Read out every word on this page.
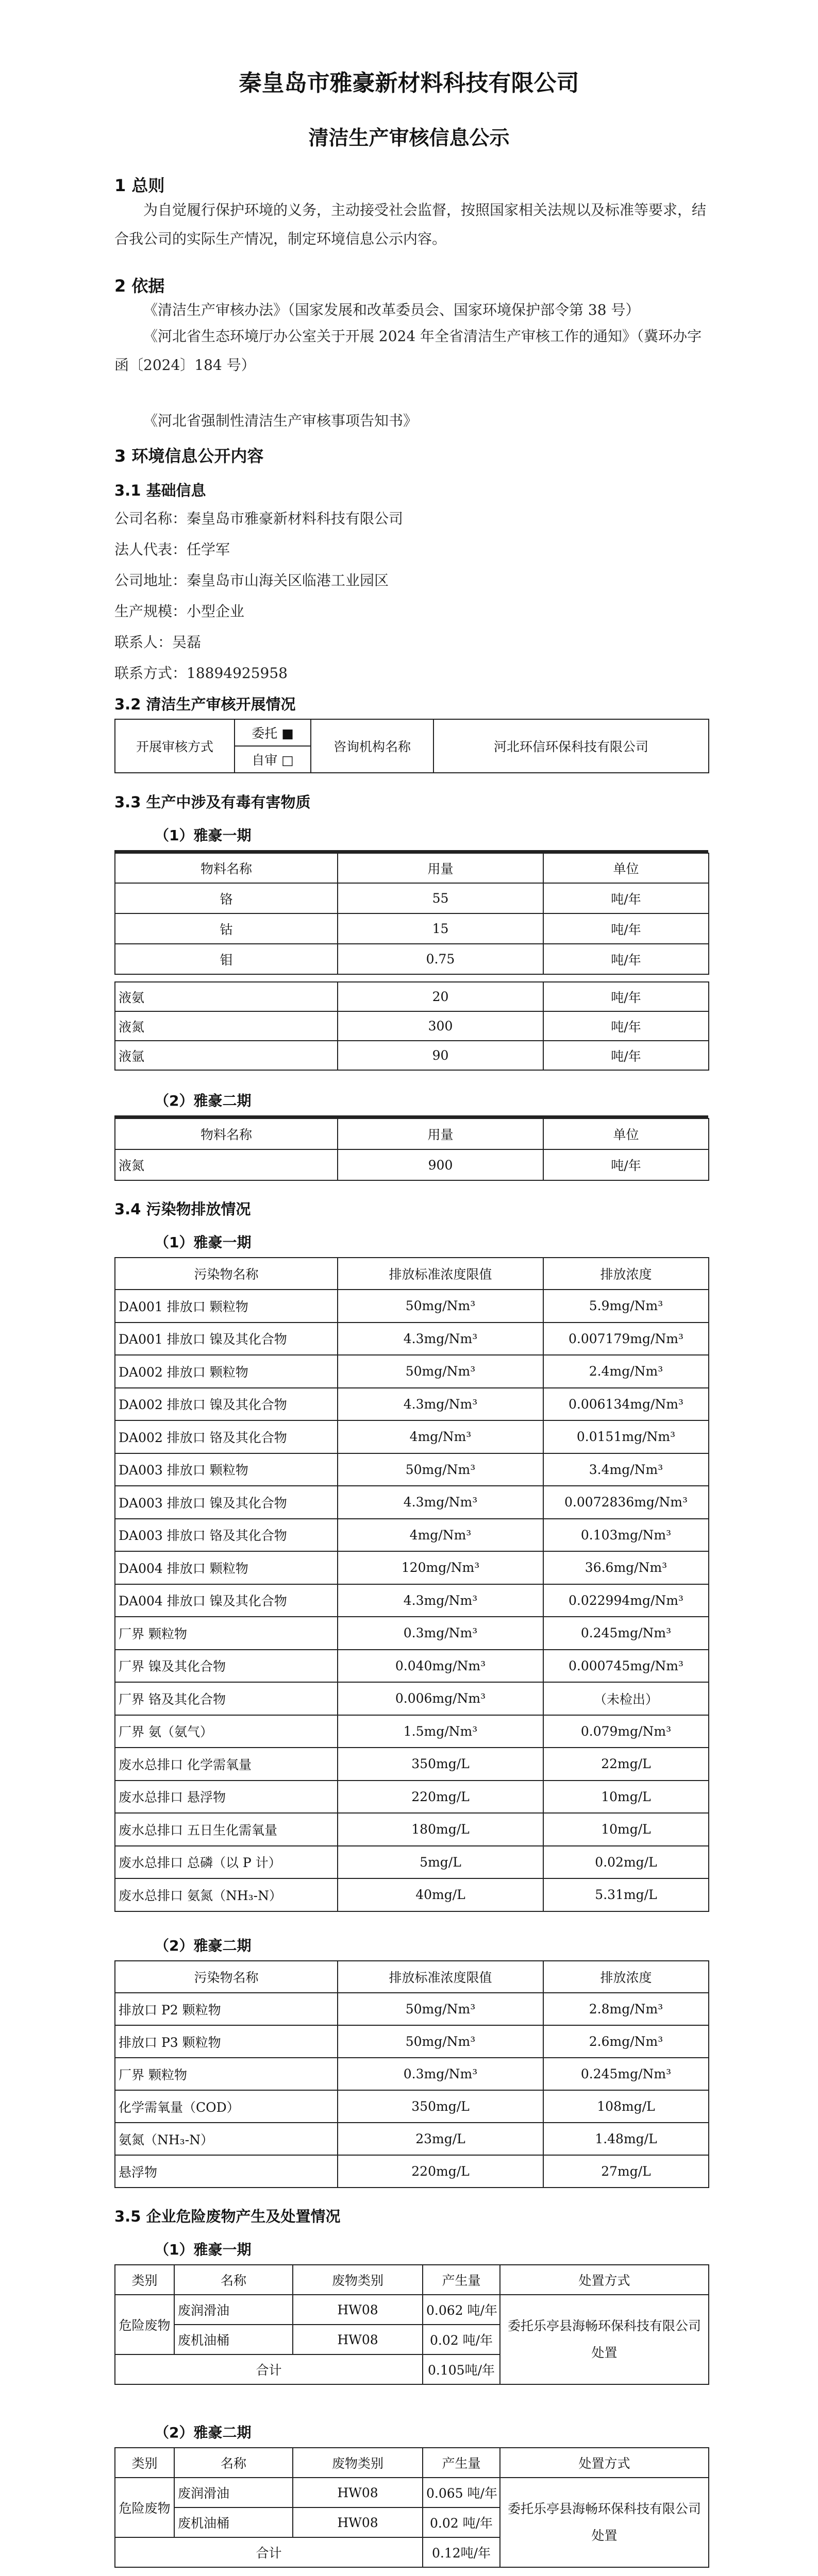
秦皇岛市雅豪新材料科技有限公司
清洁生产审核信息公示
1 总则
为自觉履行保护环境的义务，主动接受社会监督，按照国家相关法规以及标准等要求，结合我公司的实际生产情况，制定环境信息公示内容。
2 依据
《清洁生产审核办法》（国家发展和改革委员会、国家环境保护部令第 38 号）
《河北省生态环境厅办公室关于开展 2024 年全省清洁生产审核工作的通知》（冀环办字函〔2024〕184 号）
《河北省强制性清洁生产审核事项告知书》
3 环境信息公开内容
3.1 基础信息
公司名称：秦皇岛市雅豪新材料科技有限公司
法人代表：任学军
公司地址：秦皇岛市山海关区临港工业园区
生产规模：小型企业
联系人：吴磊
联系方式：18894925958
3.2 清洁生产审核开展情况
开展审核方式	委托 ■	咨询机构名称	河北环信环保科技有限公司
自审 □
3.3 生产中涉及有毒有害物质
（1）雅豪一期
物料名称	用量	单位
铬	55	吨/年
钴	15	吨/年
钼	0.75	吨/年
液氨	20	吨/年
液氮	300	吨/年
液氩	90	吨/年
（2）雅豪二期
物料名称	用量	单位
液氮	900	吨/年
3.4 污染物排放情况
（1）雅豪一期
污染物名称	排放标准浓度限值	排放浓度
DA001 排放口 颗粒物	50mg/Nm³	5.9mg/Nm³
DA001 排放口 镍及其化合物	4.3mg/Nm³	0.007179mg/Nm³
DA002 排放口 颗粒物	50mg/Nm³	2.4mg/Nm³
DA002 排放口 镍及其化合物	4.3mg/Nm³	0.006134mg/Nm³
DA002 排放口 铬及其化合物	4mg/Nm³	0.0151mg/Nm³
DA003 排放口 颗粒物	50mg/Nm³	3.4mg/Nm³
DA003 排放口 镍及其化合物	4.3mg/Nm³	0.0072836mg/Nm³
DA003 排放口 铬及其化合物	4mg/Nm³	0.103mg/Nm³
DA004 排放口 颗粒物	120mg/Nm³	36.6mg/Nm³
DA004 排放口 镍及其化合物	4.3mg/Nm³	0.022994mg/Nm³
厂界 颗粒物	0.3mg/Nm³	0.245mg/Nm³
厂界 镍及其化合物	0.040mg/Nm³	0.000745mg/Nm³
厂界 铬及其化合物	0.006mg/Nm³	（未检出）
厂界 氨（氨气）	1.5mg/Nm³	0.079mg/Nm³
废水总排口 化学需氧量	350mg/L	22mg/L
废水总排口 悬浮物	220mg/L	10mg/L
废水总排口 五日生化需氧量	180mg/L	10mg/L
废水总排口 总磷（以 P 计）	5mg/L	0.02mg/L
废水总排口 氨氮（NH₃-N）	40mg/L	5.31mg/L
（2）雅豪二期
污染物名称	排放标准浓度限值	排放浓度
排放口 P2 颗粒物	50mg/Nm³	2.8mg/Nm³
排放口 P3 颗粒物	50mg/Nm³	2.6mg/Nm³
厂界 颗粒物	0.3mg/Nm³	0.245mg/Nm³
化学需氧量（COD）	350mg/L	108mg/L
氨氮（NH₃-N）	23mg/L	1.48mg/L
悬浮物	220mg/L	27mg/L
3.5 企业危险废物产生及处置情况
（1）雅豪一期
类别	名称	废物类别	产生量	处置方式
危险废物	废润滑油	HW08	0.062 吨/年	委托乐亭县海畅环保科技有限公司处置
	废机油桶	HW08	0.02 吨/年	
合计			0.105吨/年	
（2）雅豪二期
类别	名称	废物类别	产生量	处置方式
危险废物	废润滑油	HW08	0.065 吨/年	委托乐亭县海畅环保科技有限公司处置
	废机油桶	HW08	0.02 吨/年	
合计			0.12吨/年	
